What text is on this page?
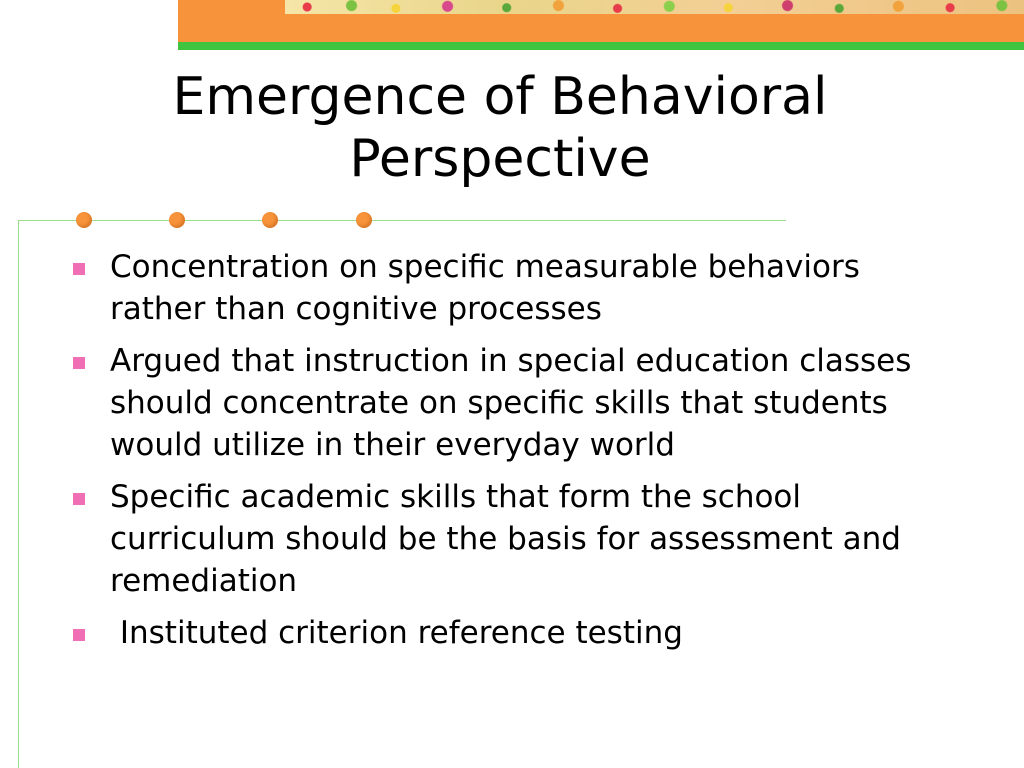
Emergence of Behavioral
Perspective
Concentration on specific measurable behaviors rather than cognitive processes
Argued that instruction in special education classes should concentrate on specific skills that students would utilize in their everyday world
Specific academic skills that form the school curriculum should be the basis for assessment and remediation
Instituted criterion reference testing
